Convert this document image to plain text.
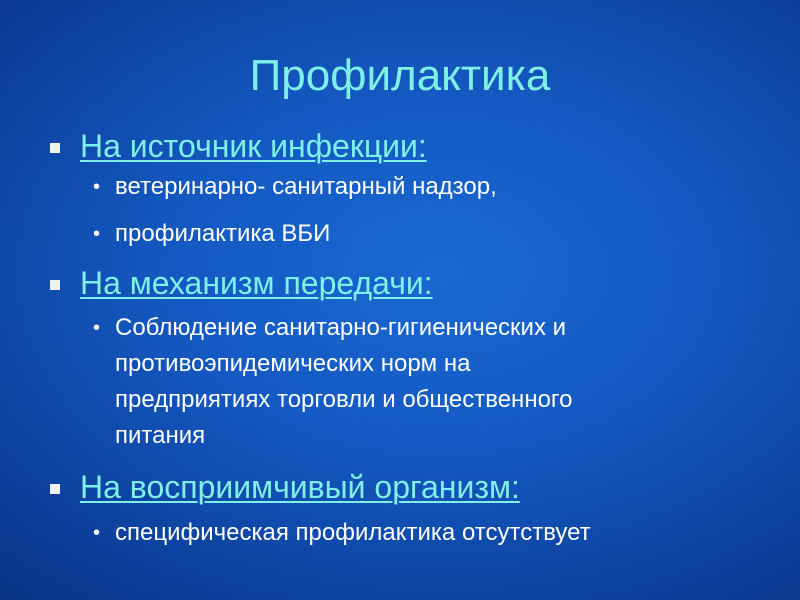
Профилактика
На источник инфекции:
• ветеринарно- санитарный надзор,
• профилактика ВБИ
На механизм передачи:
• Соблюдение санитарно-гигиенических и
противоэпидемических норм на
предприятиях торговли и общественного
питания
На восприимчивый организм:
• специфическая профилактика отсутствует
